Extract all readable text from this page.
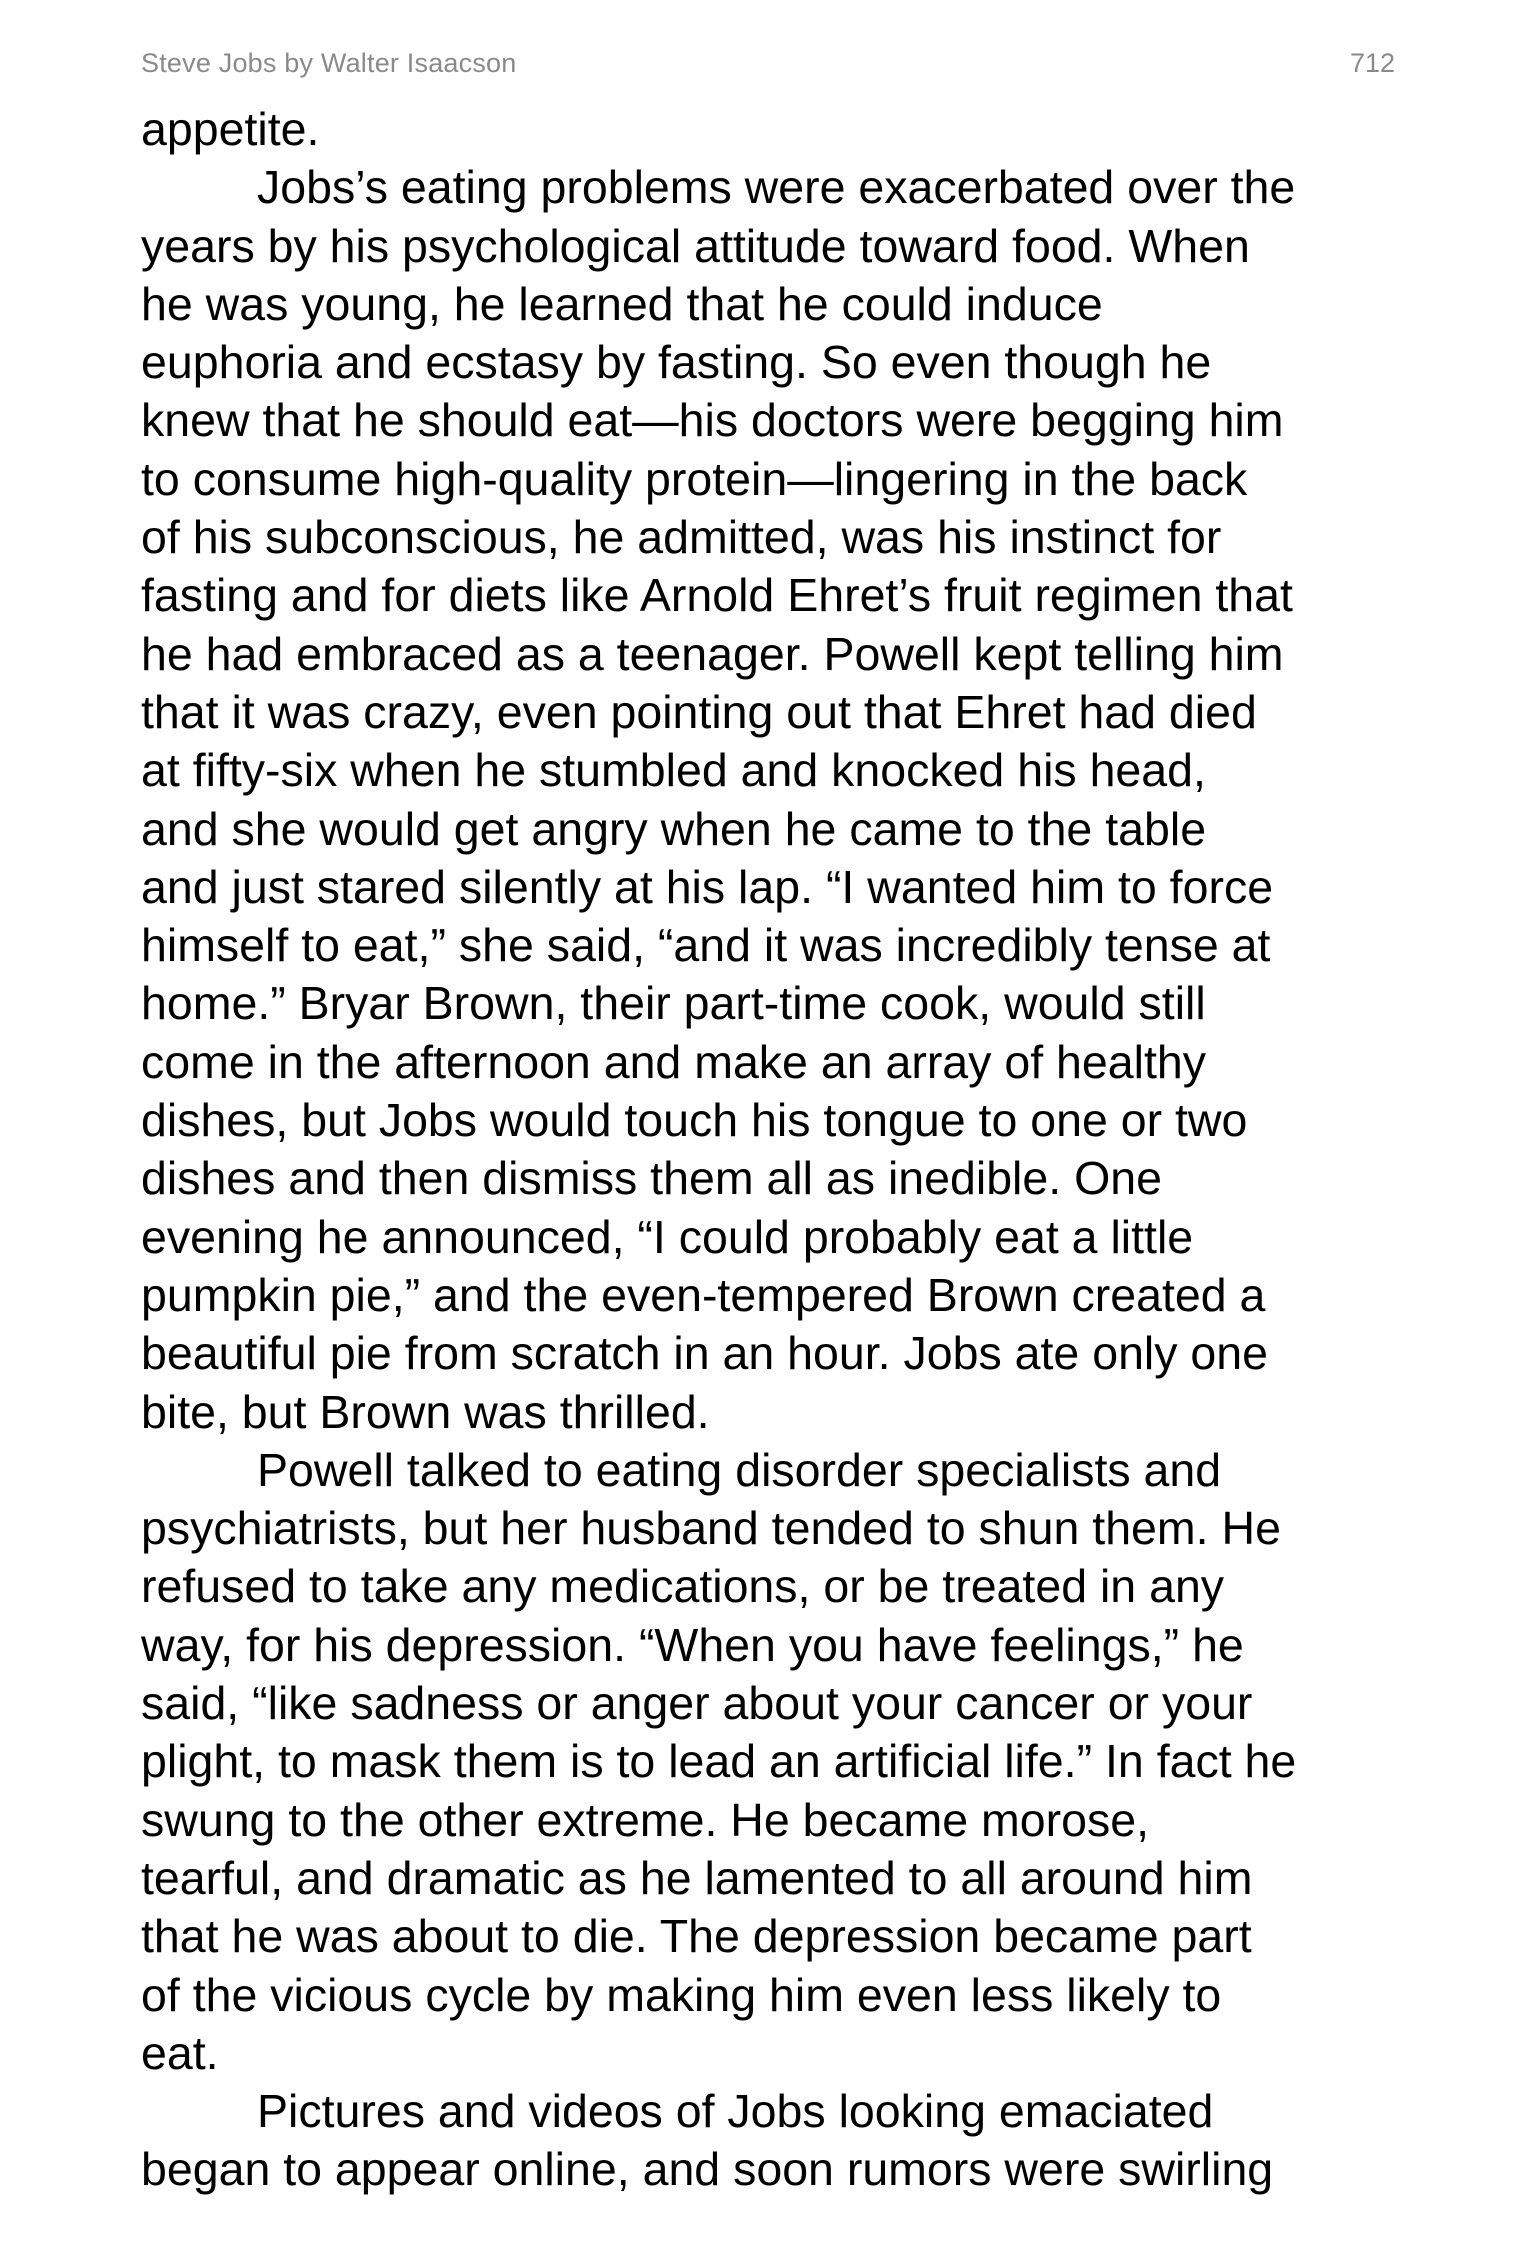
Steve Jobs by Walter Isaacson	712
appetite.
Jobs’s eating problems were exacerbated over the
years by his psychological attitude toward food. When
he was young, he learned that he could induce
euphoria and ecstasy by fasting. So even though he
knew that he should eat—his doctors were begging him
to consume high-quality protein—lingering in the back
of his subconscious, he admitted, was his instinct for
fasting and for diets like Arnold Ehret’s fruit regimen that
he had embraced as a teenager. Powell kept telling him
that it was crazy, even pointing out that Ehret had died
at fifty-six when he stumbled and knocked his head,
and she would get angry when he came to the table
and just stared silently at his lap. “I wanted him to force
himself to eat,” she said, “and it was incredibly tense at
home.” Bryar Brown, their part-time cook, would still
come in the afternoon and make an array of healthy
dishes, but Jobs would touch his tongue to one or two
dishes and then dismiss them all as inedible. One
evening he announced, “I could probably eat a little
pumpkin pie,” and the even-tempered Brown created a
beautiful pie from scratch in an hour. Jobs ate only one
bite, but Brown was thrilled.
Powell talked to eating disorder specialists and
psychiatrists, but her husband tended to shun them. He
refused to take any medications, or be treated in any
way, for his depression. “When you have feelings,” he
said, “like sadness or anger about your cancer or your
plight, to mask them is to lead an artificial life.” In fact he
swung to the other extreme. He became morose,
tearful, and dramatic as he lamented to all around him
that he was about to die. The depression became part
of the vicious cycle by making him even less likely to
eat.
Pictures and videos of Jobs looking emaciated
began to appear online, and soon rumors were swirling
